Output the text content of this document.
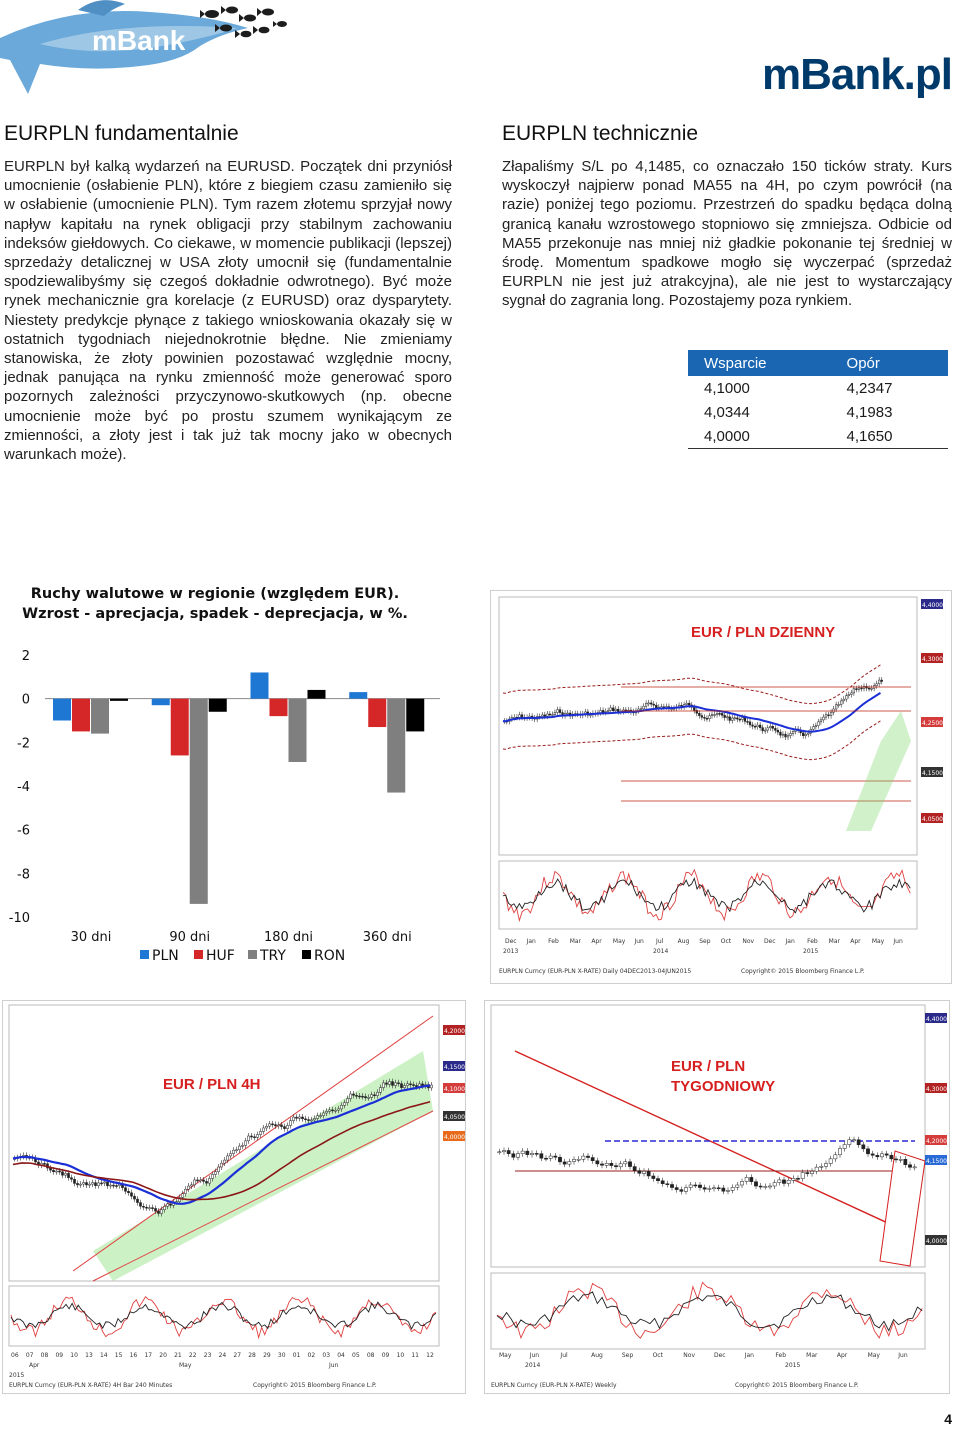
mBank
mBank.pl
EURPLN fundamentalnie
EURPLN był kalką wydarzeń na EURUSD. Początek dni przyniósł umocnienie (osłabienie PLN), które z biegiem czasu zamieniło się w osłabienie (umocnienie PLN). Tym razem złotemu sprzyjał nowy napływ kapitału na rynek obligacji przy stabilnym zachowaniu indeksów giełdowych. Co ciekawe, w momencie publikacji (lepszej) sprzedaży detalicznej w USA złoty umocnił się (fundamentalnie spodziewalibyśmy się czegoś dokładnie odwrotnego). Być może rynek mechanicznie gra korelacje (z EURUSD) oraz dysparytety. Niestety predykcje płynące z takiego wnioskowania okazały się w ostatnich tygodniach niejednokrotnie błędne. Nie zmieniamy stanowiska, że złoty powinien pozostawać względnie mocny, jednak panująca na rynku zmienność może generować sporo pozornych zależności przyczynowo-skutkowych (np. obecne umocnienie może być po prostu szumem wynikającym ze zmienności, a złoty jest i tak już tak mocny jako w obecnych warunkach może).
EURPLN technicznie
Złapaliśmy S/L po 4,1485, co oznaczało 150 ticków straty. Kurs wyskoczył najpierw ponad MA55 na 4H, po czym powrócił (na razie) poniżej tego poziomu. Przestrzeń do spadku będąca dolną granicą kanału wzrostowego stopniowo się zmniejsza. Odbicie od MA55 przekonuje nas mniej niż gładkie pokonanie tej średniej w środę. Momentum spadkowe mogło się wyczerpać (sprzedaż EURPLN nie jest już atrakcyjna), ale nie jest to wystarczający sygnał do zagrania long. Pozostajemy poza rynkiem.
Wsparcie	Opór
4,1000	4,2347
4,0344	4,1983
4,0000	4,1650
Ruchy walutowe w regionie (względem EUR).
Wzrost - aprecjacja, spadek - deprecjacja, w %.
2
0
-2
-4
-6
-8
-10
30 dni	90 dni	180 dni	360 dni
PLN HUF TRY RON
EUR / PLN DZIENNY
4,4000
4,3000
4,2500
4,1500
4,0500
Dec Jan Feb Mar Apr May Jun Jul Aug Sep Oct Nov Dec Jan Feb Mar Apr May Jun
2013	2014	2015
EURPLN Curncy (EUR-PLN X-RATE) Daily 04DEC2013-04JUN2015	Copyright© 2015 Bloomberg Finance L.P.
EUR / PLN 4H
4,2000
4,1500
4,1000
4,0500
4,0000
06 07 08 09 10 13 14 15 16 17 20 21 22 23 24 27 28 29 30 01 02 03 04 05 08 09 10 11 12
Apr	May	Jun
2015
EURPLN Curncy (EUR-PLN X-RATE) 4H Bar 240 Minutes	Copyright© 2015 Bloomberg Finance L.P.
EUR / PLN
TYGODNIOWY
4,4000
4,3000
4,2000
4,1500
4,0000
May	Jun	Jul	Aug	Sep	Oct	Nov	Dec	Jan	Feb	Mar	Apr	May	Jun
2014	2015
EURPLN Curncy (EUR-PLN X-RATE) Weekly	Copyright© 2015 Bloomberg Finance L.P.
4
